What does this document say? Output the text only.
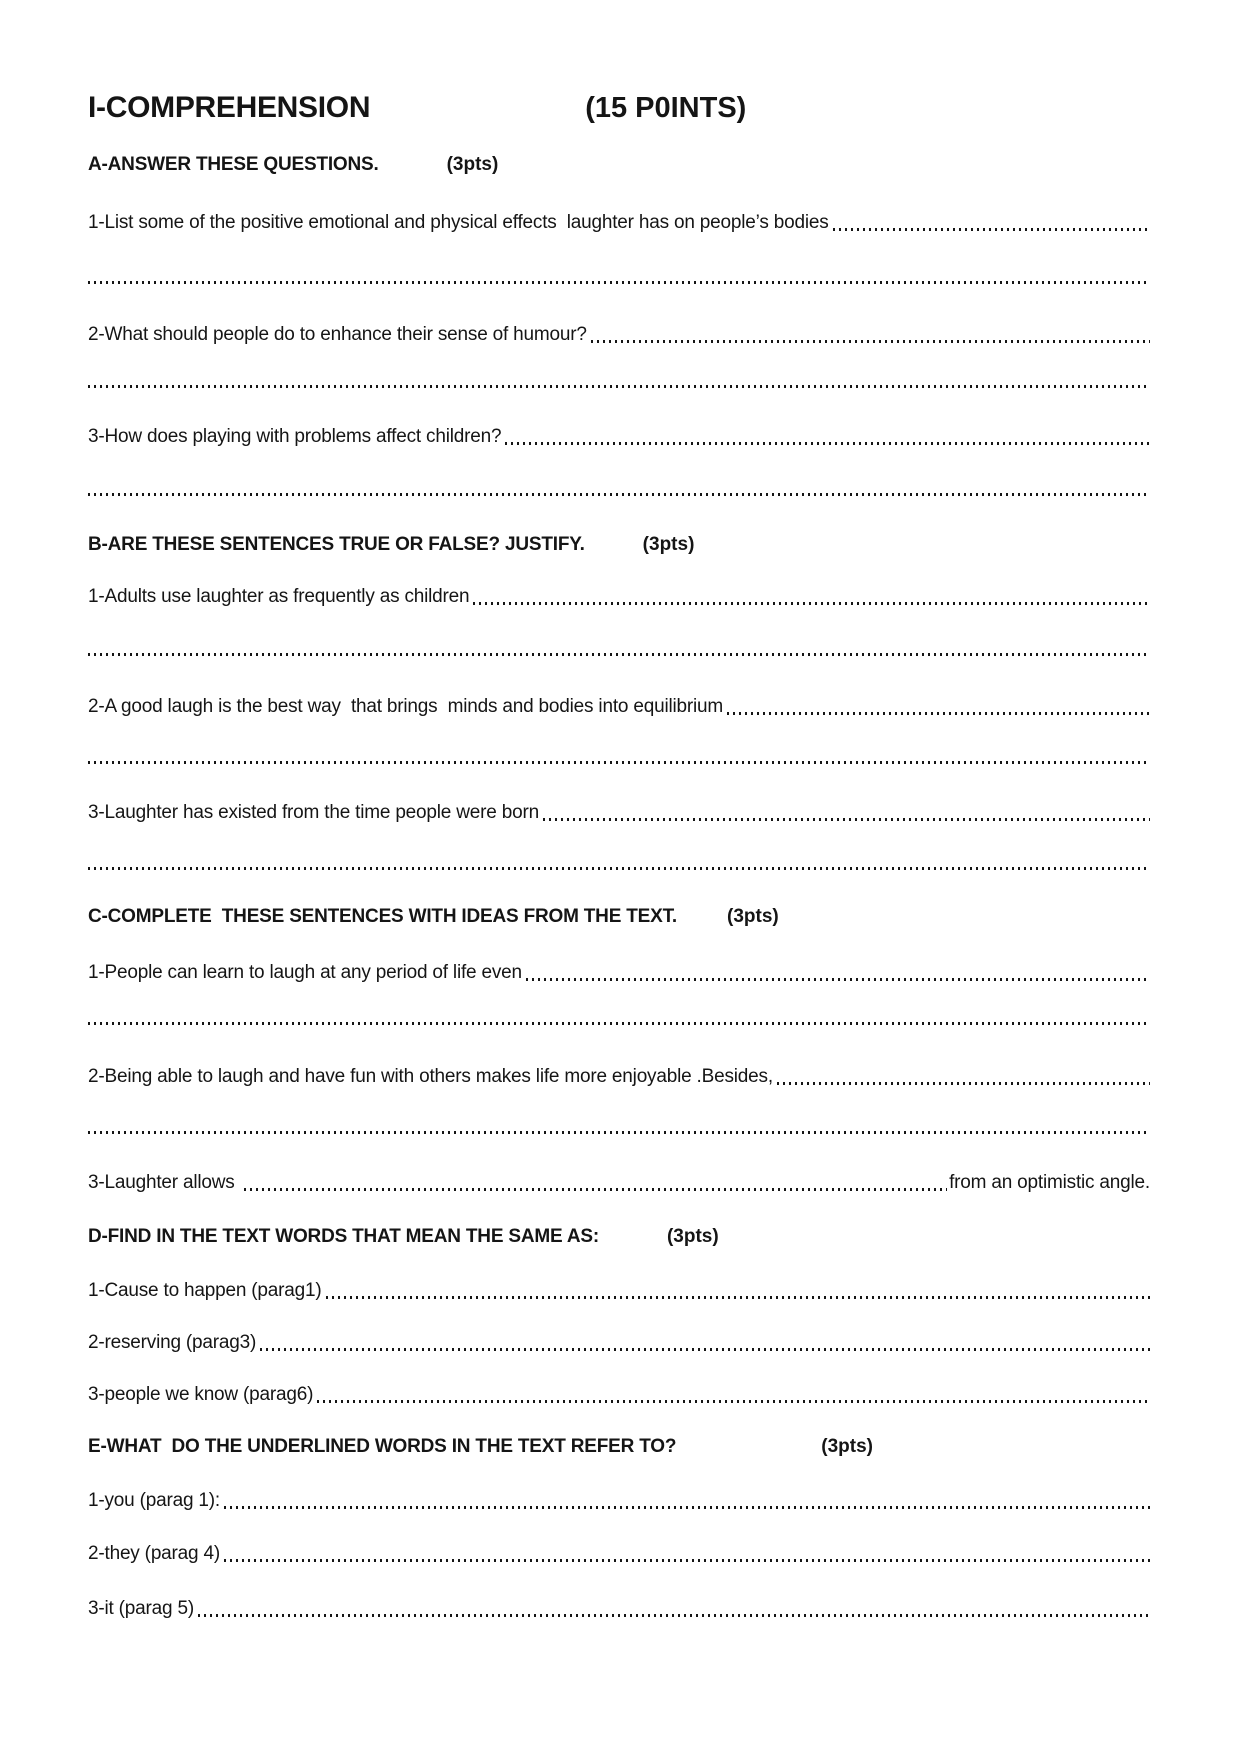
I-COMPREHENSION	(15 P0INTS)
A-ANSWER THESE QUESTIONS.	(3pts)
1-List some of the positive emotional and physical effects  laughter has on people’s bodies
2-What should people do to enhance their sense of humour?
3-How does playing with problems affect children?
B-ARE THESE SENTENCES TRUE OR FALSE? JUSTIFY.	(3pts)
1-Adults use laughter as frequently as children
2-A good laugh is the best way  that brings  minds and bodies into equilibrium
3-Laughter has existed from the time people were born
C-COMPLETE  THESE SENTENCES WITH IDEAS FROM THE TEXT.	(3pts)
1-People can learn to laugh at any period of life even
2-Being able to laugh and have fun with others makes life more enjoyable .Besides,
3-Laughter allows	from an optimistic angle.
D-FIND IN THE TEXT WORDS THAT MEAN THE SAME AS:	(3pts)
1-Cause to happen (parag1)
2-reserving (parag3)
3-people we know (parag6)
E-WHAT  DO THE UNDERLINED WORDS IN THE TEXT REFER TO?	(3pts)
1-you (parag 1):
2-they (parag 4)
3-it (parag 5)
